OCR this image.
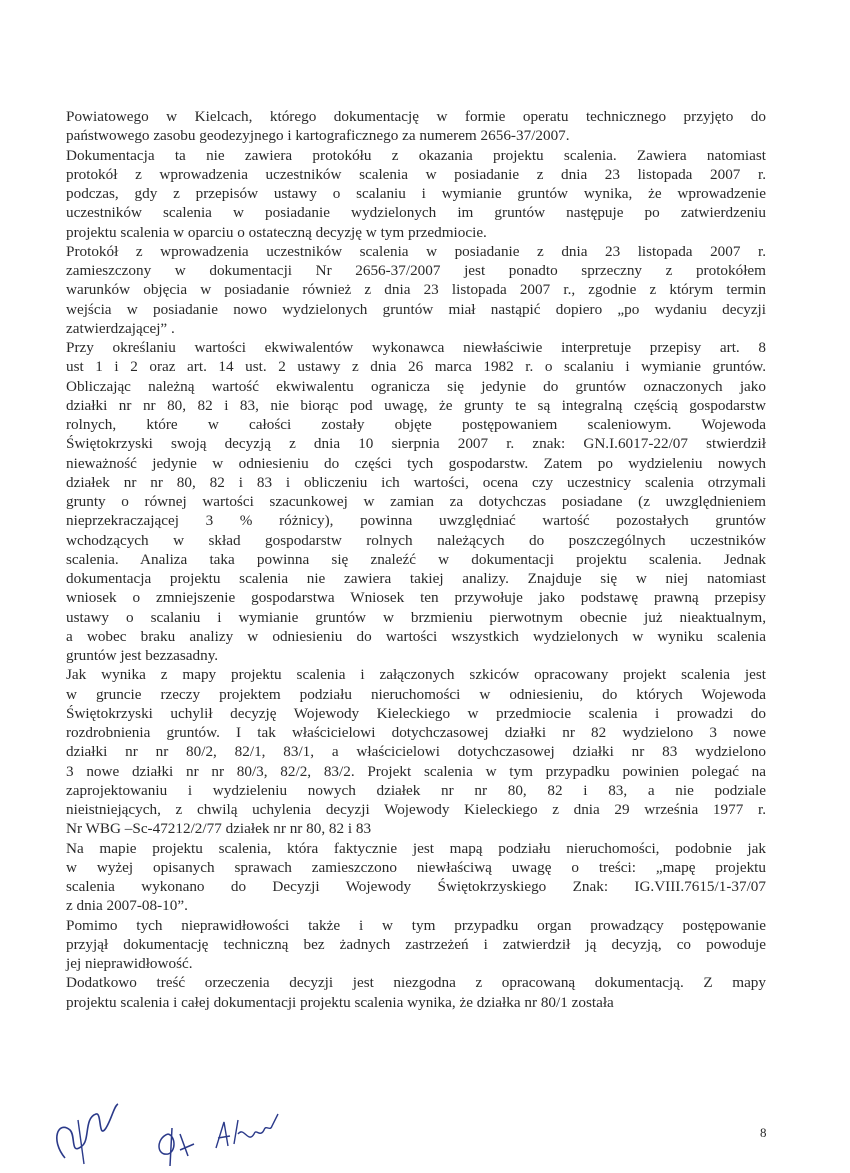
Powiatowego w Kielcach, którego dokumentację w formie operatu technicznego przyjęto do
państwowego zasobu geodezyjnego i kartograficznego za numerem 2656-37/2007.
Dokumentacja ta nie zawiera protokółu z okazania projektu scalenia. Zawiera natomiast
protokół z wprowadzenia uczestników scalenia w posiadanie z dnia 23 listopada 2007 r.
podczas, gdy z przepisów ustawy o scalaniu i wymianie gruntów wynika, że wprowadzenie
uczestników scalenia w posiadanie wydzielonych im gruntów następuje po zatwierdzeniu
projektu scalenia w oparciu o ostateczną decyzję w tym przedmiocie.
Protokół z wprowadzenia uczestników scalenia w posiadanie z dnia 23 listopada 2007 r.
zamieszczony w dokumentacji Nr 2656-37/2007 jest ponadto sprzeczny z protokółem
warunków objęcia w posiadanie również z dnia 23 listopada 2007 r., zgodnie z którym termin
wejścia w posiadanie nowo wydzielonych gruntów miał nastąpić dopiero „po wydaniu decyzji
zatwierdzającej” .
Przy określaniu wartości ekwiwalentów wykonawca niewłaściwie interpretuje przepisy art. 8
ust 1 i 2 oraz art. 14 ust. 2 ustawy z dnia 26 marca 1982 r. o scalaniu i wymianie gruntów.
Obliczając należną wartość ekwiwalentu ogranicza się jedynie do gruntów oznaczonych jako
działki nr nr 80, 82 i 83, nie biorąc pod uwagę, że grunty te są integralną częścią gospodarstw
rolnych, które w całości zostały objęte postępowaniem scaleniowym. Wojewoda
Świętokrzyski swoją decyzją z dnia 10 sierpnia 2007 r. znak: GN.I.6017-22/07 stwierdził
nieważność jedynie w odniesieniu do części tych gospodarstw. Zatem po wydzieleniu nowych
działek nr nr 80, 82 i 83 i obliczeniu ich wartości, ocena czy uczestnicy scalenia otrzymali
grunty o równej wartości szacunkowej w zamian za dotychczas posiadane (z uwzględnieniem
nieprzekraczającej 3 % różnicy), powinna uwzględniać wartość pozostałych gruntów
wchodzących w skład gospodarstw rolnych należących do poszczególnych uczestników
scalenia. Analiza taka powinna się znaleźć w dokumentacji projektu scalenia. Jednak
dokumentacja projektu scalenia nie zawiera takiej analizy. Znajduje się w niej natomiast
wniosek o zmniejszenie gospodarstwa Wniosek ten przywołuje jako podstawę prawną przepisy
ustawy o scalaniu i wymianie gruntów w brzmieniu pierwotnym obecnie już nieaktualnym,
a wobec braku analizy w odniesieniu do wartości wszystkich wydzielonych w wyniku scalenia
gruntów jest bezzasadny.
Jak wynika z mapy projektu scalenia i załączonych szkiców opracowany projekt scalenia jest
w gruncie rzeczy projektem podziału nieruchomości w odniesieniu, do których Wojewoda
Świętokrzyski uchylił decyzję Wojewody Kieleckiego w przedmiocie scalenia i prowadzi do
rozdrobnienia gruntów. I tak właścicielowi dotychczasowej działki nr 82 wydzielono 3 nowe
działki nr nr 80/2, 82/1, 83/1, a właścicielowi dotychczasowej działki nr 83 wydzielono
3 nowe działki nr nr 80/3, 82/2, 83/2. Projekt scalenia w tym przypadku powinien polegać na
zaprojektowaniu i wydzieleniu nowych działek nr nr 80, 82 i 83, a nie podziale
nieistniejących, z chwilą uchylenia decyzji Wojewody Kieleckiego z dnia 29 września 1977 r.
Nr WBG –Sc-47212/2/77 działek nr nr 80, 82 i 83
Na mapie projektu scalenia, która faktycznie jest mapą podziału nieruchomości, podobnie jak
w wyżej opisanych sprawach zamieszczono niewłaściwą uwagę o treści: „mapę projektu
scalenia wykonano do Decyzji Wojewody Świętokrzyskiego Znak: IG.VIII.7615/1-37/07
z dnia 2007-08-10”.
Pomimo tych nieprawidłowości także i w tym przypadku organ prowadzący postępowanie
przyjął dokumentację techniczną bez żadnych zastrzeżeń i zatwierdził ją decyzją, co powoduje
jej nieprawidłowość.
Dodatkowo treść orzeczenia decyzji jest niezgodna z opracowaną dokumentacją. Z mapy
projektu scalenia i całej dokumentacji projektu scalenia wynika, że działka nr 80/1 została
8
